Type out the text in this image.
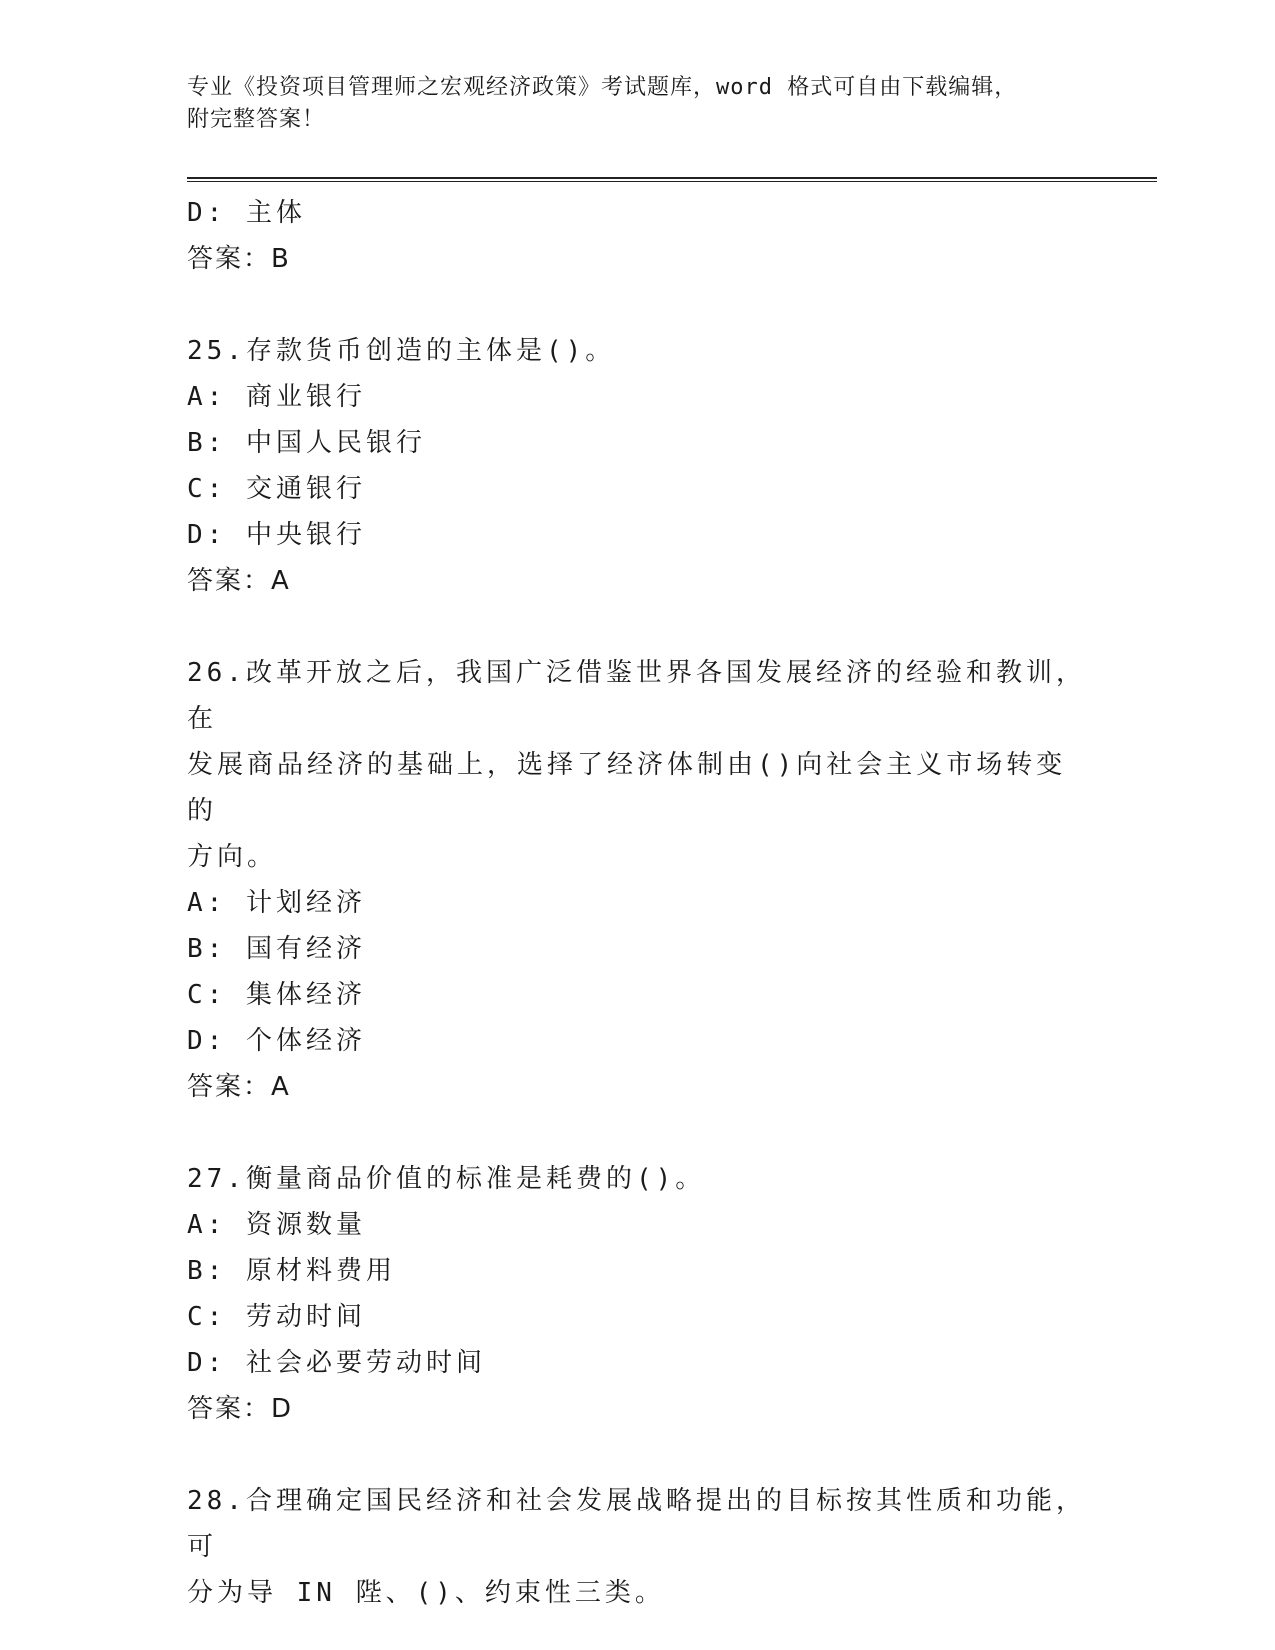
专业《投资项目管理师之宏观经济政策》考试题库，word 格式可自由下载编辑，
附完整答案！
D: 主体
答案：B
25.存款货币创造的主体是()。
A: 商业银行
B: 中国人民银行
C: 交通银行
D: 中央银行
答案：A
26.改革开放之后，我国广泛借鉴世界各国发展经济的经验和教训，在
发展商品经济的基础上，选择了经济体制由()向社会主义市场转变的
方向。
A: 计划经济
B: 国有经济
C: 集体经济
D: 个体经济
答案：A
27.衡量商品价值的标准是耗费的()。
A: 资源数量
B: 原材料费用
C: 劳动时间
D: 社会必要劳动时间
答案：D
28.合理确定国民经济和社会发展战略提出的目标按其性质和功能，可
分为导 IN 陛、()、约束性三类。
